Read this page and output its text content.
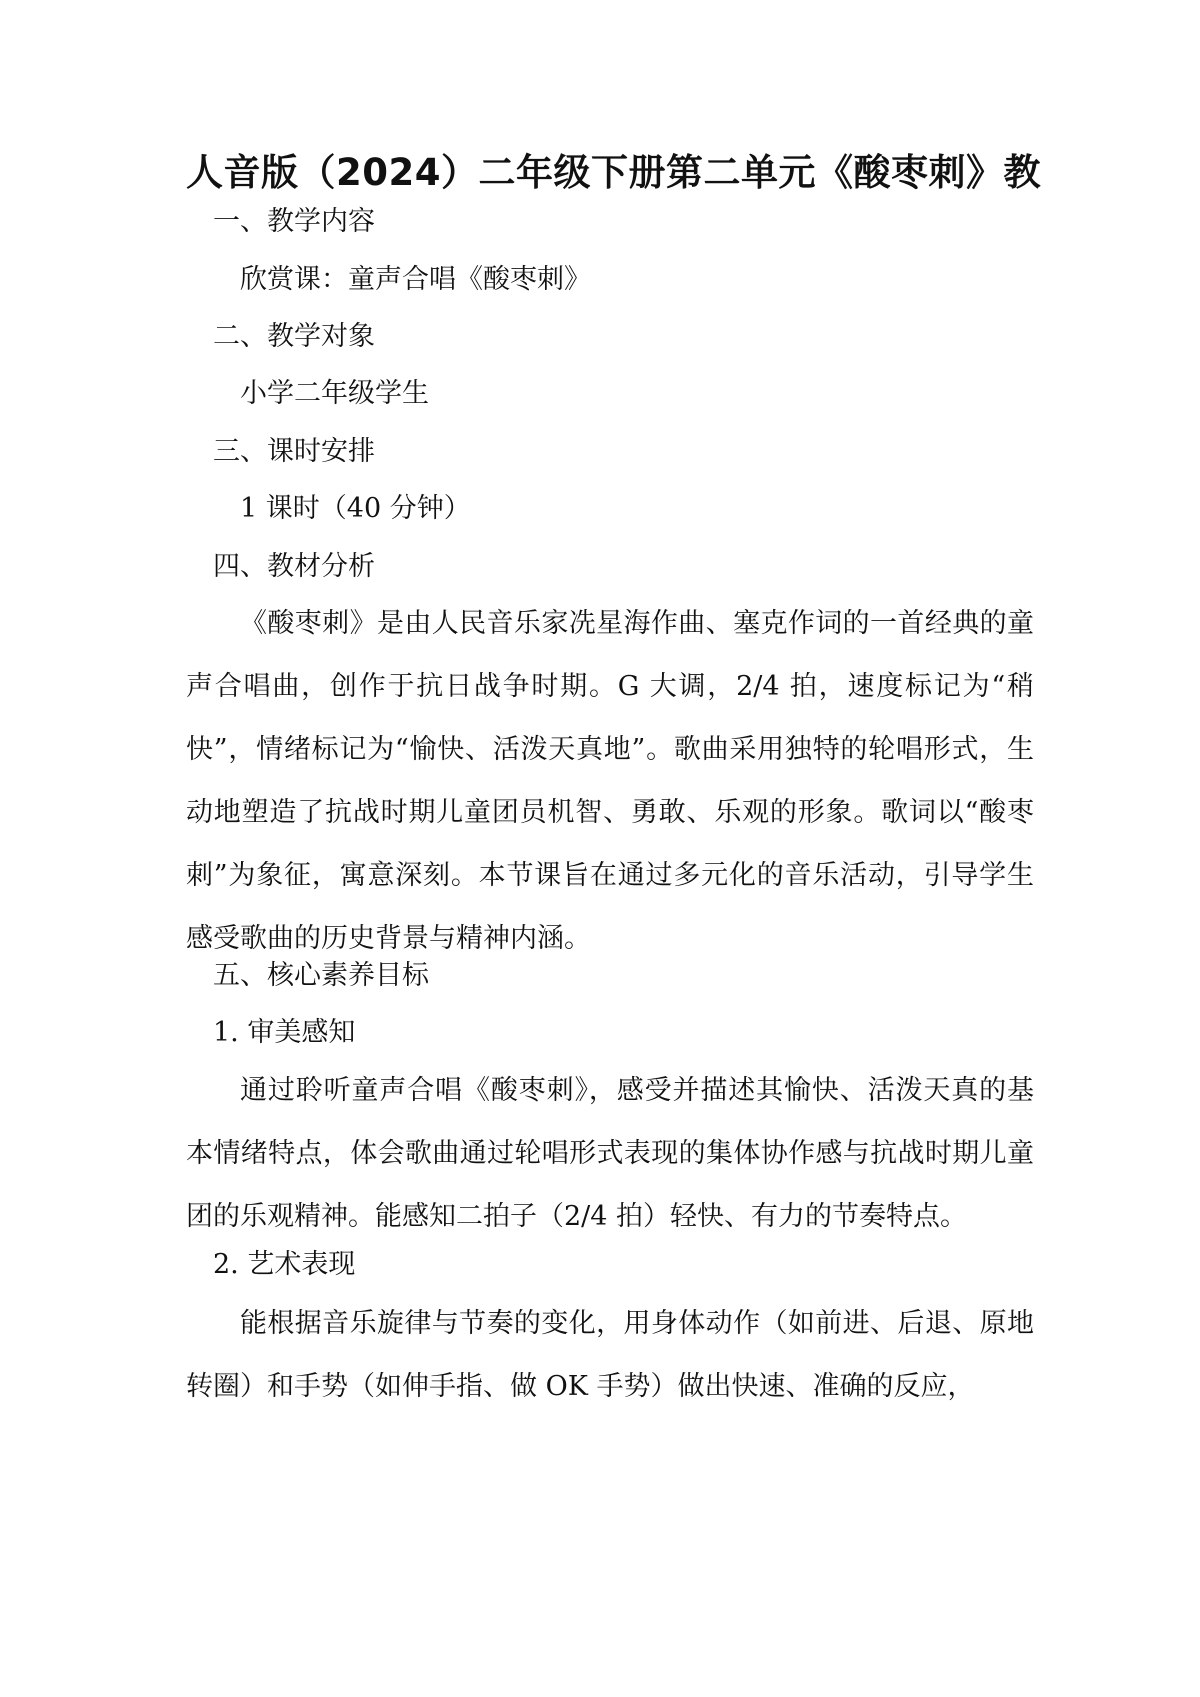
人音版（2024）二年级下册第二单元《酸枣刺》教
一、教学内容
欣赏课：童声合唱《酸枣刺》
二、教学对象
小学二年级学生
三、课时安排
1 课时（40 分钟）
四、教材分析
《酸枣刺》是由人民音乐家冼星海作曲、塞克作词的一首经典的童声合唱曲，创作于抗日战争时期。G 大调，2/4 拍，速度标记为“稍快”，情绪标记为“愉快、活泼天真地”。歌曲采用独特的轮唱形式，生动地塑造了抗战时期儿童团员机智、勇敢、乐观的形象。歌词以“酸枣刺”为象征，寓意深刻。本节课旨在通过多元化的音乐活动，引导学生感受歌曲的历史背景与精神内涵。
五、核心素养目标
1. 审美感知
通过聆听童声合唱《酸枣刺》，感受并描述其愉快、活泼天真的基本情绪特点，体会歌曲通过轮唱形式表现的集体协作感与抗战时期儿童团的乐观精神。能感知二拍子（2/4 拍）轻快、有力的节奏特点。
2. 艺术表现
能根据音乐旋律与节奏的变化，用身体动作（如前进、后退、原地转圈）和手势（如伸手指、做 OK 手势）做出快速、准确的反应，
